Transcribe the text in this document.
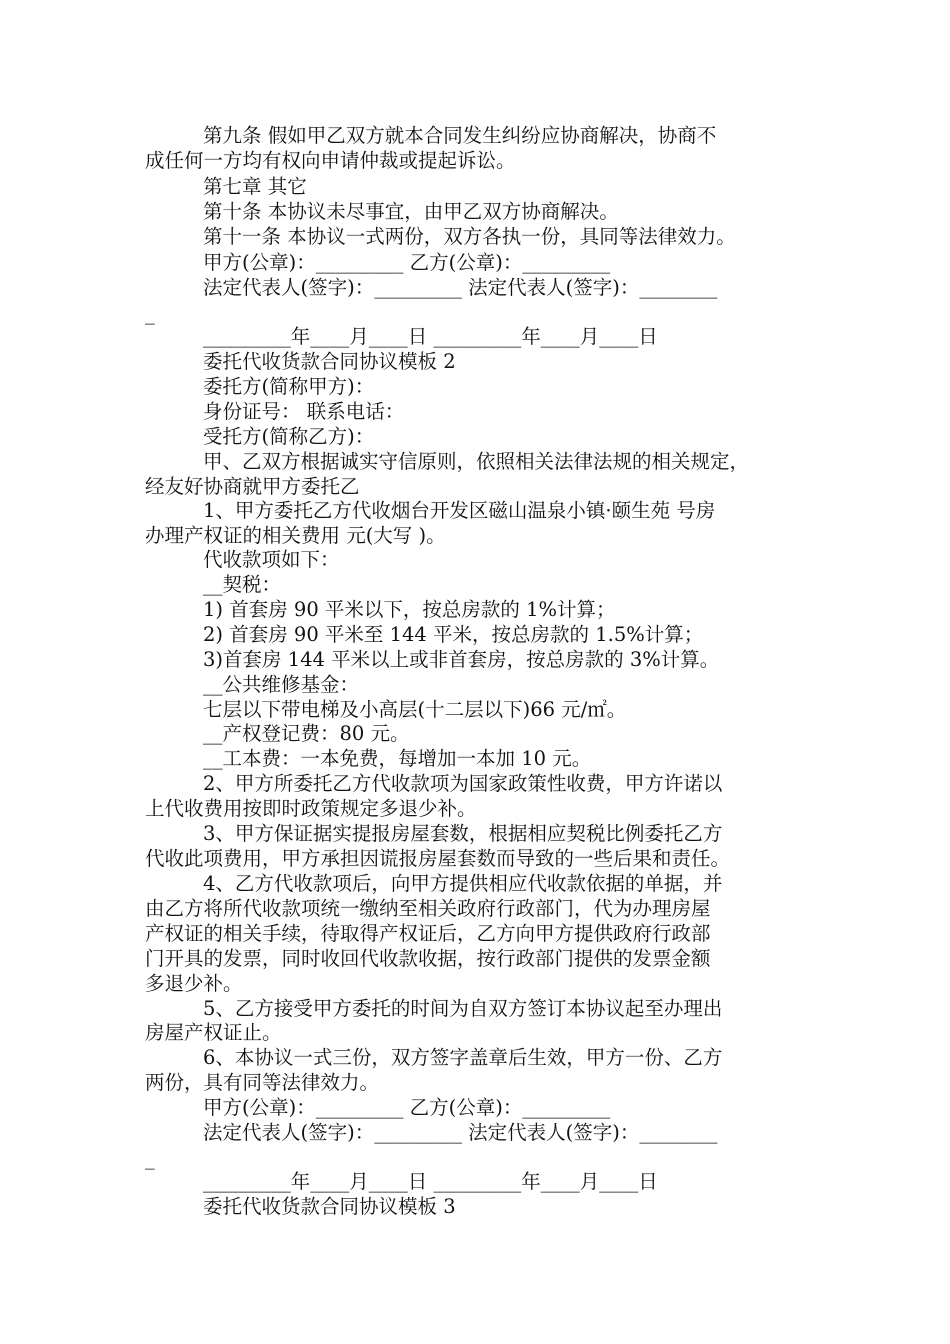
第九条 假如甲乙双方就本合同发生纠纷应协商解决，协商不
成任何一方均有权向申请仲裁或提起诉讼。
第七章 其它
第十条 本协议未尽事宜，由甲乙双方协商解决。
第十一条 本协议一式两份，双方各执一份，具同等法律效力。
甲方(公章)：_________ 乙方(公章)：_________
法定代表人(签字)：_________ 法定代表人(签字)：________
_
_________年____月____日 _________年____月____日
委托代收货款合同协议模板 2
委托方(简称甲方)：
身份证号： 联系电话：
受托方(简称乙方)：
甲、乙双方根据诚实守信原则，依照相关法律法规的相关规定，
经友好协商就甲方委托乙
1、甲方委托乙方代收烟台开发区磁山温泉小镇·颐生苑 号房
办理产权证的相关费用 元(大写 )。
代收款项如下：
__契税：
1) 首套房 90 平米以下，按总房款的 1%计算；
2) 首套房 90 平米至 144 平米，按总房款的 1.5%计算；
3)首套房 144 平米以上或非首套房，按总房款的 3%计算。
__公共维修基金：
七层以下带电梯及小高层(十二层以下)66 元/㎡。
__产权登记费：80 元。
__工本费：一本免费，每增加一本加 10 元。
2、甲方所委托乙方代收款项为国家政策性收费，甲方许诺以
上代收费用按即时政策规定多退少补。
3、甲方保证据实提报房屋套数，根据相应契税比例委托乙方
代收此项费用，甲方承担因谎报房屋套数而导致的一些后果和责任。
4、乙方代收款项后，向甲方提供相应代收款依据的单据，并
由乙方将所代收款项统一缴纳至相关政府行政部门，代为办理房屋
产权证的相关手续，待取得产权证后，乙方向甲方提供政府行政部
门开具的发票，同时收回代收款收据，按行政部门提供的发票金额
多退少补。
5、乙方接受甲方委托的时间为自双方签订本协议起至办理出
房屋产权证止。
6、本协议一式三份，双方签字盖章后生效，甲方一份、乙方
两份，具有同等法律效力。
甲方(公章)：_________ 乙方(公章)：_________
法定代表人(签字)：_________ 法定代表人(签字)：________
_
_________年____月____日 _________年____月____日
委托代收货款合同协议模板 3
